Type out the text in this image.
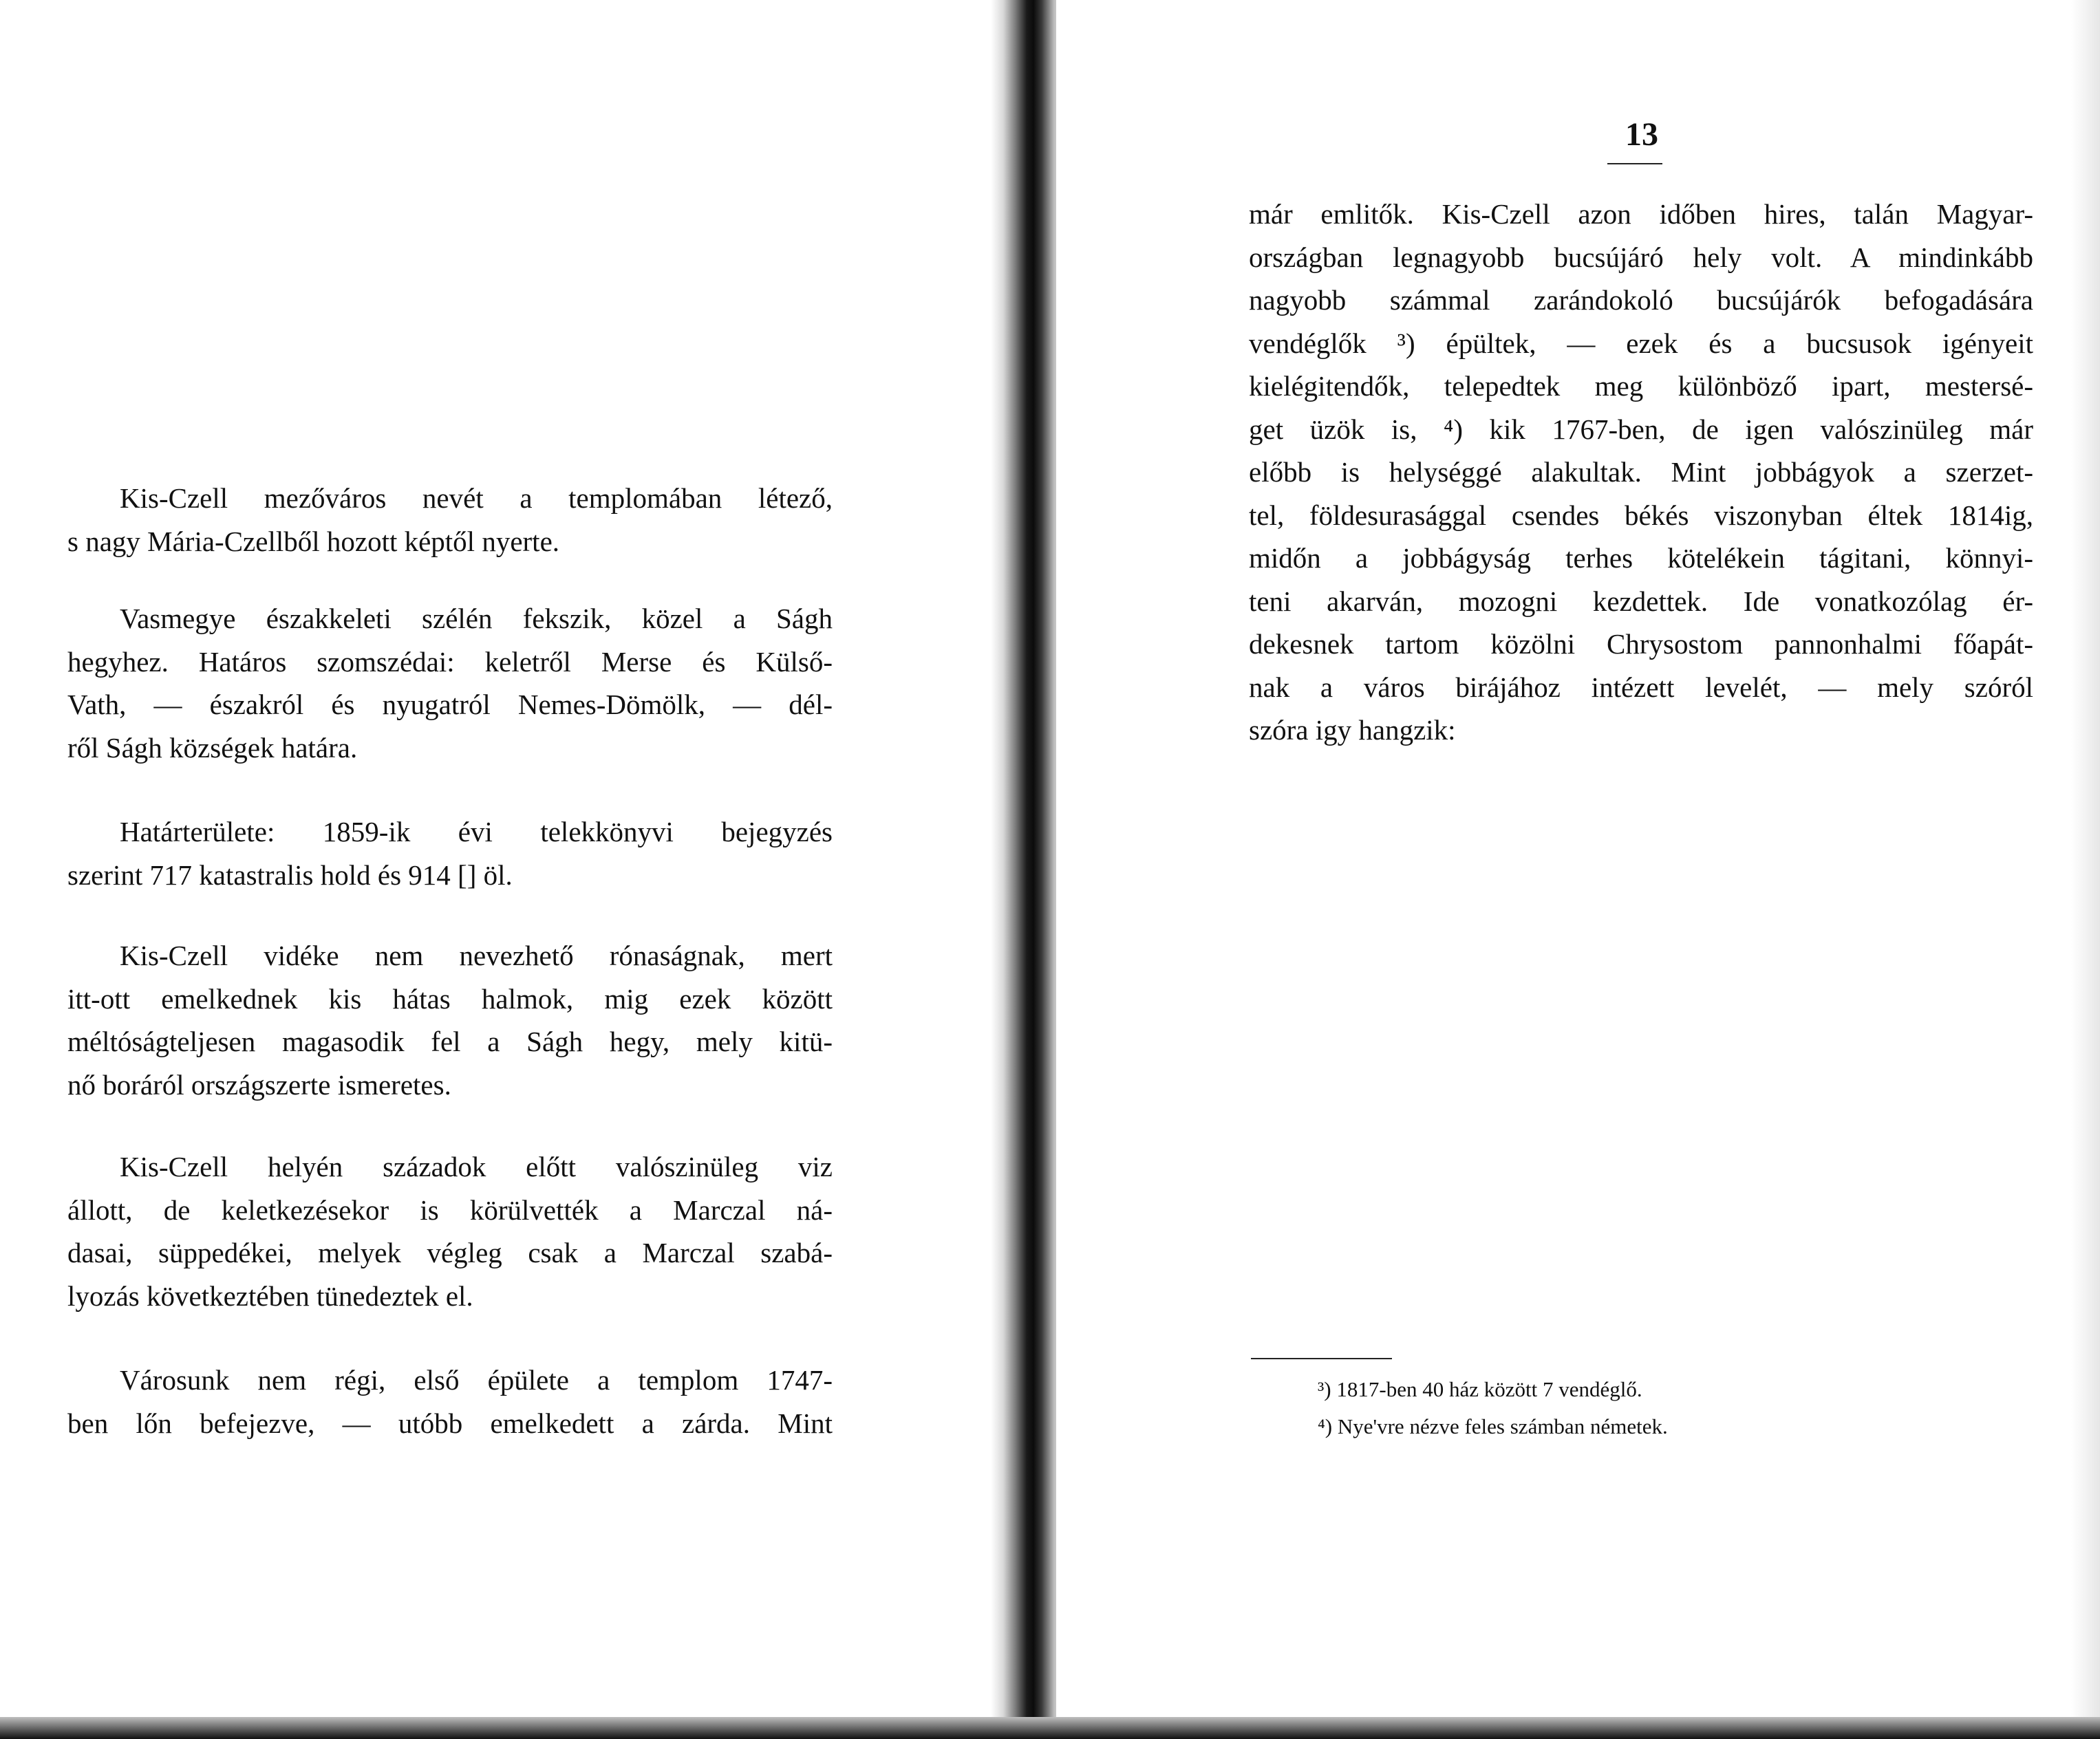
Kis-Czell mezőváros nevét a templomában létező,
s nagy Mária-Czellből hozott képtől nyerte.
Vasmegye északkeleti szélén fekszik, közel a Ságh
hegyhez. Határos szomszédai: keletről Merse és Külső-
Vath, — északról és nyugatról Nemes-Dömölk, — dél-
ről Ságh községek határa.
Határterülete: 1859-ik évi telekkönyvi bejegyzés
szerint 717 katastralis hold és 914 [] öl.
Kis-Czell vidéke nem nevezhető rónaságnak, mert
itt-ott emelkednek kis hátas halmok, mig ezek között
méltóságteljesen magasodik fel a Ságh hegy, mely kitü-
nő boráról országszerte ismeretes.
Kis-Czell helyén századok előtt valószinüleg viz
állott, de keletkezésekor is körülvették a Marczal ná-
dasai, süppedékei, melyek végleg csak a Marczal szabá-
lyozás következtében tünedeztek el.
Városunk nem régi, első épülete a templom 1747-
ben lőn befejezve, — utóbb emelkedett a zárda. Mint

13

már emlitők. Kis-Czell azon időben hires, talán Magyar-
országban legnagyobb bucsújáró hely volt. A mindinkább
nagyobb számmal zarándokoló bucsújárók befogadására
vendéglők ³) épültek, — ezek és a bucsusok igényeit
kielégitendők, telepedtek meg különböző ipart, mestersé-
get üzök is, ⁴) kik 1767-ben, de igen valószinüleg már
előbb is helységgé alakultak. Mint jobbágyok a szerzet-
tel, földesurasággal csendes békés viszonyban éltek 1814ig,
midőn a jobbágyság terhes kötelékein tágitani, könnyi-
teni akarván, mozogni kezdettek. Ide vonatkozólag ér-
dekesnek tartom közölni Chrysostom pannonhalmi főapát-
nak a város birájához intézett levelét, — mely szóról
szóra igy hangzik:

³) 1817-ben 40 ház között 7 vendéglő.

⁴) Nye'vre nézve feles számban németek.
